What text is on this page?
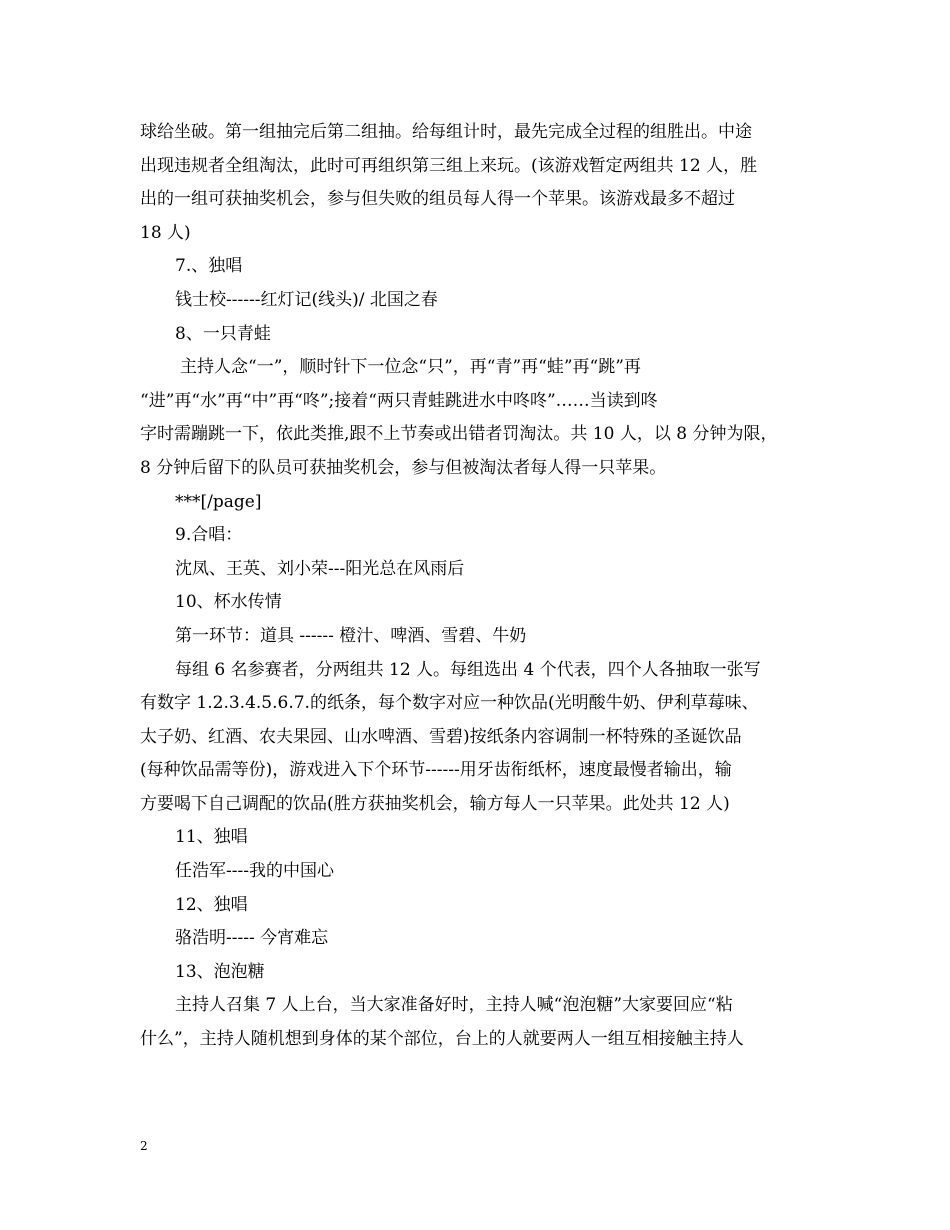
球给坐破。第一组抽完后第二组抽。给每组计时，最先完成全过程的组胜出。中途
出现违规者全组淘汰，此时可再组织第三组上来玩。(该游戏暂定两组共 12 人，胜
出的一组可获抽奖机会，参与但失败的组员每人得一个苹果。该游戏最多不超过
18 人)
7.、独唱
钱士校------红灯记(线头)/ 北国之春
8、一只青蛙
主持人念“一”，顺时针下一位念“只”，再“青”再“蛙”再“跳”再
“进”再“水”再“中”再“咚”;接着“两只青蛙跳进水中咚咚”……当读到咚
字时需蹦跳一下，依此类推,跟不上节奏或出错者罚淘汰。共 10 人，以 8 分钟为限，
8 分钟后留下的队员可获抽奖机会，参与但被淘汰者每人得一只苹果。
***[/page]
9.合唱：
沈凤、王英、刘小荣---阳光总在风雨后
10、杯水传情
第一环节：道具 ------ 橙汁、啤酒、雪碧、牛奶
每组 6 名参赛者，分两组共 12 人。每组选出 4 个代表，四个人各抽取一张写
有数字 1.2.3.4.5.6.7.的纸条，每个数字对应一种饮品(光明酸牛奶、伊利草莓味、
太子奶、红酒、农夫果园、山水啤酒、雪碧)按纸条内容调制一杯特殊的圣诞饮品
(每种饮品需等份)，游戏进入下个环节------用牙齿衔纸杯，速度最慢者输出，输
方要喝下自己调配的饮品(胜方获抽奖机会，输方每人一只苹果。此处共 12 人)
11、独唱
任浩军----我的中国心
12、独唱
骆浩明----- 今宵难忘
13、泡泡糖
主持人召集 7 人上台，当大家准备好时，主持人喊“泡泡糖”大家要回应“粘
什么”，主持人随机想到身体的某个部位，台上的人就要两人一组互相接触主持人
2
